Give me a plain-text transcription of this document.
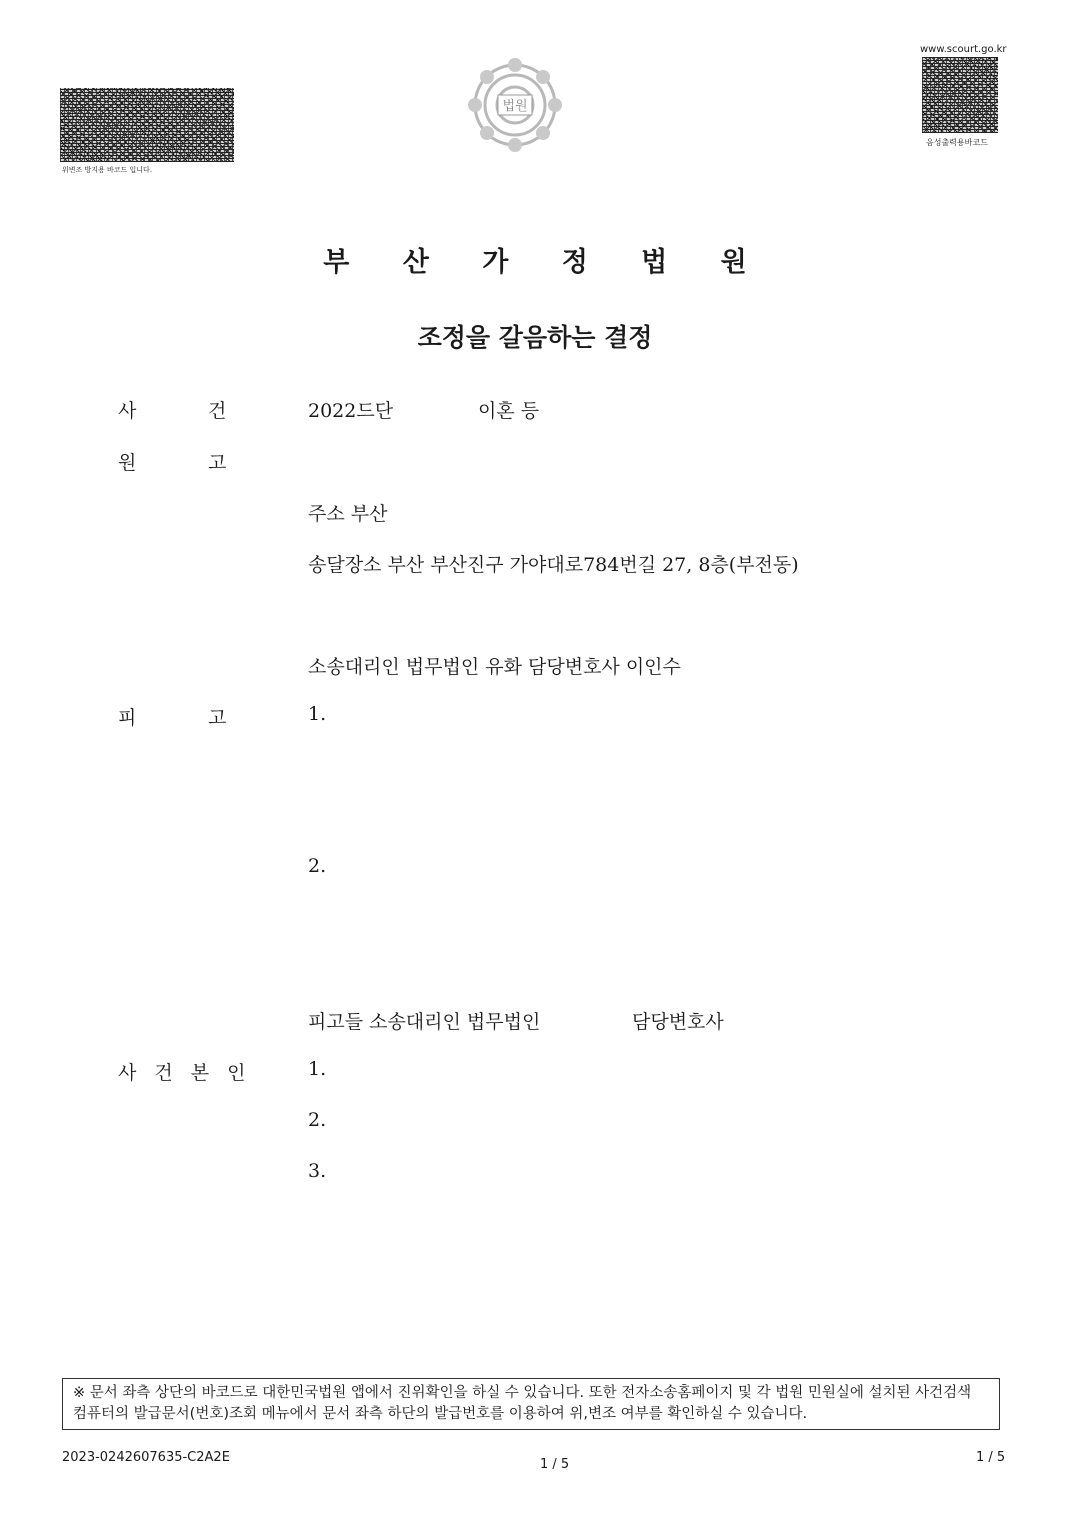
위변조 방지용 바코드 입니다.
법원
www.scourt.go.kr
음성출력용바코드
부 산 가 정 법 원
조정을 갈음하는 결정
사	건	2022드단	이혼 등
원	고
주소 부산
송달장소 부산 부산진구 가야대로784번길 27, 8층(부전동)
소송대리인 법무법인 유화 담당변호사 이인수
피	고	1.
2.
피고들 소송대리인 법무법인	담당변호사
사 건 본 인	1.
2.
3.
※ 문서 좌측 상단의 바코드로 대한민국법원 앱에서 진위확인을 하실 수 있습니다. 또한 전자소송홈페이지 및 각 법원 민원실에 설치된 사건검색 컴퓨터의 발급문서(번호)조회 메뉴에서 문서 좌측 하단의 발급번호를 이용하여 위,변조 여부를 확인하실 수 있습니다.
2023-0242607635-C2A2E	1 / 5	1 / 5
